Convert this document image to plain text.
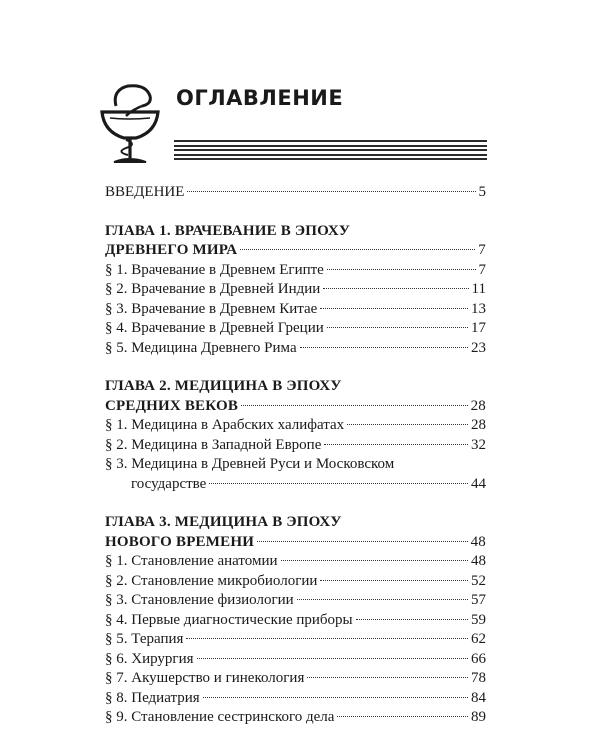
ОГЛАВЛЕНИЕ
ВВЕДЕНИЕ	5
ГЛАВА 1. ВРАЧЕВАНИЕ В ЭПОХУ
ДРЕВНЕГО МИРА	7
§ 1. Врачевание в Древнем Египте	7
§ 2. Врачевание в Древней Индии	11
§ 3. Врачевание в Древнем Китае	13
§ 4. Врачевание в Древней Греции	17
§ 5. Медицина Древнего Рима	23
ГЛАВА 2. МЕДИЦИНА В ЭПОХУ
СРЕДНИХ ВЕКОВ	28
§ 1. Медицина в Арабских халифатах	28
§ 2. Медицина в Западной Европе	32
§ 3. Медицина в Древней Руси и Московском
государстве	44
ГЛАВА 3. МЕДИЦИНА В ЭПОХУ
НОВОГО ВРЕМЕНИ	48
§ 1. Становление анатомии	48
§ 2. Становление микробиологии	52
§ 3. Становление физиологии	57
§ 4. Первые диагностические приборы	59
§ 5. Терапия	62
§ 6. Хирургия	66
§ 7. Акушерство и гинекология	78
§ 8. Педиатрия	84
§ 9. Становление сестринского дела	89
